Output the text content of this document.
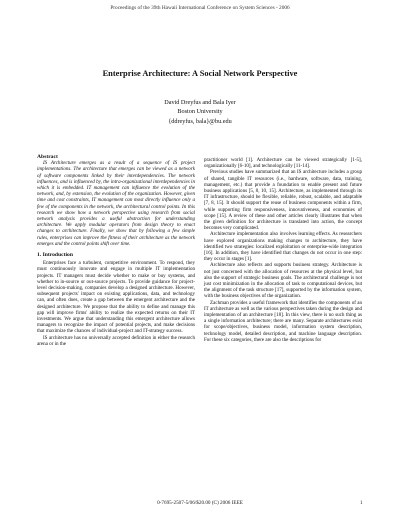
Proceedings of the 39th Hawaii International Conference on System Sciences - 2006
Enterprise Architecture: A Social Network Perspective
David Dreyfus and Bala Iyer
Boston University
{ddreyfus, bala}@bu.edu

Abstract

IS Architecture emerges as a result of a sequence of IS project implementations. The architecture that emerges can be viewed as a network of software components linked by their interdependencies. The network influences, and is influenced by, the intra-organizational interdependencies in which it is embedded. IT management can influence the evolution of the network, and, by extension, the evolution of the organization. However, given time and cost constraints, IT management can most directly influence only a few of the components in the network, the architectural control points. In this research we show how a network perspective using research from social network analysis provides a useful abstraction for understanding architecture. We apply modular operators from design theory to enact changes to architecture. Finally, we show that by following a few simple rules, enterprises can improve the fitness of their architecture as the network emerges and the control points shift over time.

1. Introduction

Enterprises face a turbulent, competitive environment. To respond, they must continuously innovate and engage in multiple IT implementation projects. IT managers must decide whether to make or buy systems, and whether to in-source or out-source projects. To provide guidance for project-level decision-making, companies develop a designed architecture. However, subsequent projects' impact on existing applications, data, and technology can, and often does, create a gap between the emergent architecture and the designed architecture. We propose that the ability to define and manage this gap will improve firms' ability to realize the expected returns on their IT investments. We argue that understanding this emergent architecture allows managers to recognize the impact of potential projects, and make decisions that maximize the chances of individual-project and IT-strategy success.

IS architecture has no universally accepted definition in either the research arena or in the

practitioner world [1]. Architecture can be viewed strategically [1-5], organizationally [6-10], and technologically [11-14].

Previous studies have summarized that an IS architecture includes a group of shared, tangible IT resources (i.e., hardware, software, data, training, management, etc.) that provide a foundation to enable present and future business applications [5, 8, 10, 15]. Architecture, as implemented through its IT infrastructure, should be flexible, reliable, robust, scalable, and adaptable [7, 8, 15]. It should support the reuse of business components within a firm, while supporting firm responsiveness, innovativeness, and economies of scope [15]. A review of these and other articles clearly illustrates that when the given definition for architecture is translated into action, the concept becomes very complicated.

Architecture implementation also involves learning effects. As researchers have explored organizations making changes to architecture, they have identified two strategies: localized exploitation or enterprise-wide integration [16]. In addition, they have identified that changes do not occur in one step: they occur in stages [1].

Architecture also reflects and supports business strategy. Architecture is not just concerned with the allocation of resources at the physical level, but also the support of strategic business goals. The architectural challenge is not just cost minimization in the allocation of task to computational devices, but the alignment of the task structure [17], supported by the information system, with the business objectives of the organization.

Zachman provides a useful framework that identifies the components of an IT architecture as well as the various perspectives taken during the design and implementation of an architecture [18]. In this view, there is no such thing as a single information architecture; there are many. Separate architectures exist for scope/objectives, business model, information system description, technology model, detailed description, and machine language description. For these six categories, there are also the descriptions for

0-7695-2507-5/06/$20.00 (C) 2006 IEEE	1
